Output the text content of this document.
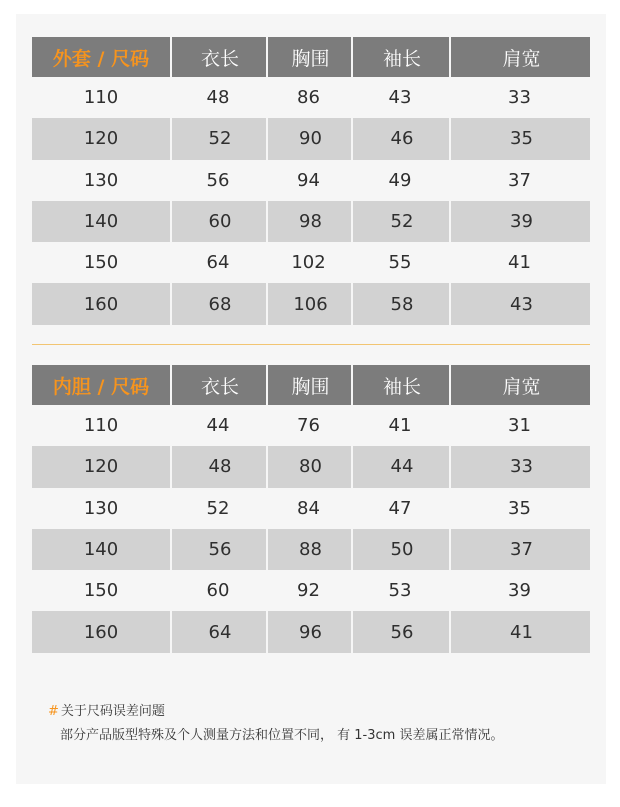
外套 / 尺码	衣长	胸围	袖长	肩宽
110	48	86	43	33
120	52	90	46	35
130	56	94	49	37
140	60	98	52	39
150	64	102	55	41
160	68	106	58	43
内胆 / 尺码	衣长	胸围	袖长	肩宽
110	44	76	41	31
120	48	80	44	33
130	52	84	47	35
140	56	88	50	37
150	60	92	53	39
160	64	96	56	41
# 关于尺码误差问题
部分产品版型特殊及个人测量方法和位置不同， 有 1-3cm 误差属正常情况。
